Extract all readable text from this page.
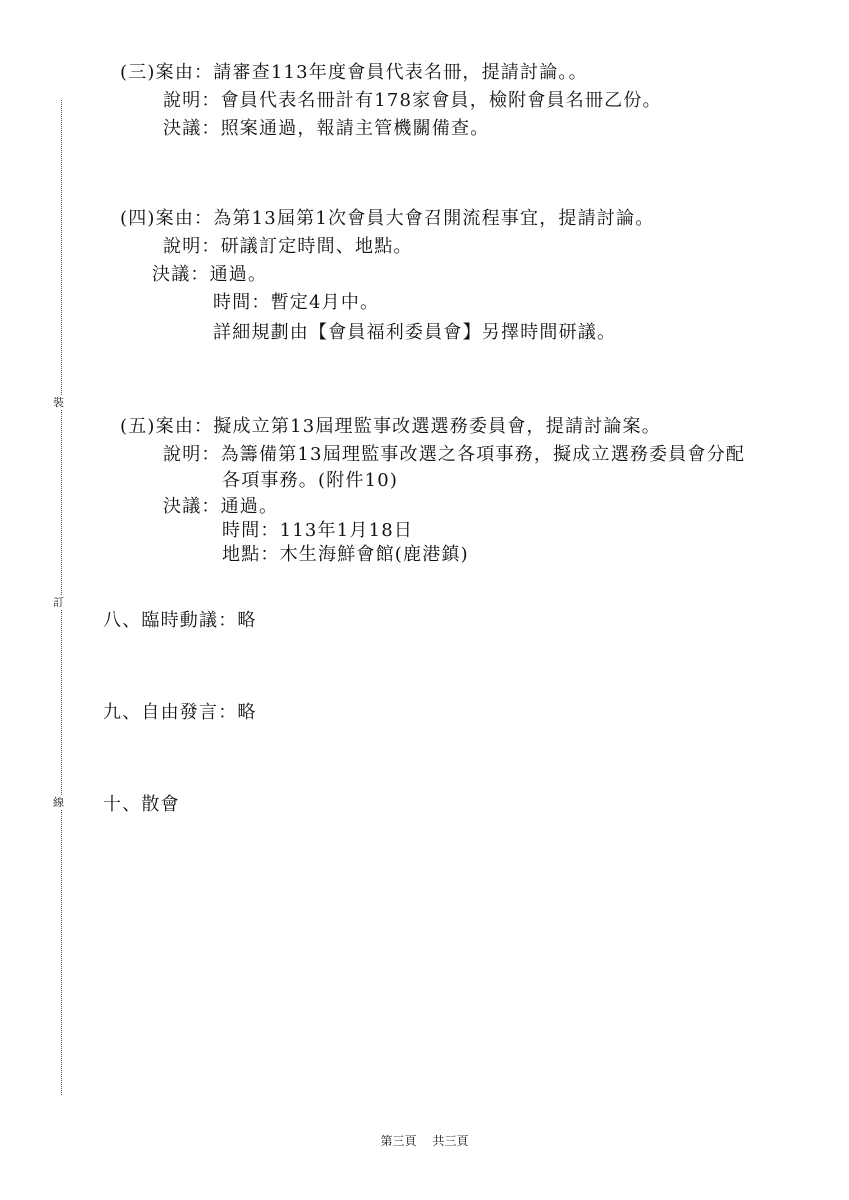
裝
訂
線
(三)案由：請審查113年度會員代表名冊，提請討論。。
說明：會員代表名冊計有178家會員，檢附會員名冊乙份。
決議：照案通過，報請主管機關備查。
(四)案由：為第13屆第1次會員大會召開流程事宜，提請討論。
說明：研議訂定時間、地點。
決議：通過。
時間：暫定4月中。
詳細規劃由【會員福利委員會】另擇時間研議。
(五)案由：擬成立第13屆理監事改選選務委員會，提請討論案。
說明：為籌備第13屆理監事改選之各項事務，擬成立選務委員會分配
各項事務。(附件10)
決議：通過。
時間：113年1月18日
地點：木生海鮮會館(鹿港鎮)
八、臨時動議：略
九、自由發言：略
十、散會
第三頁 共三頁
